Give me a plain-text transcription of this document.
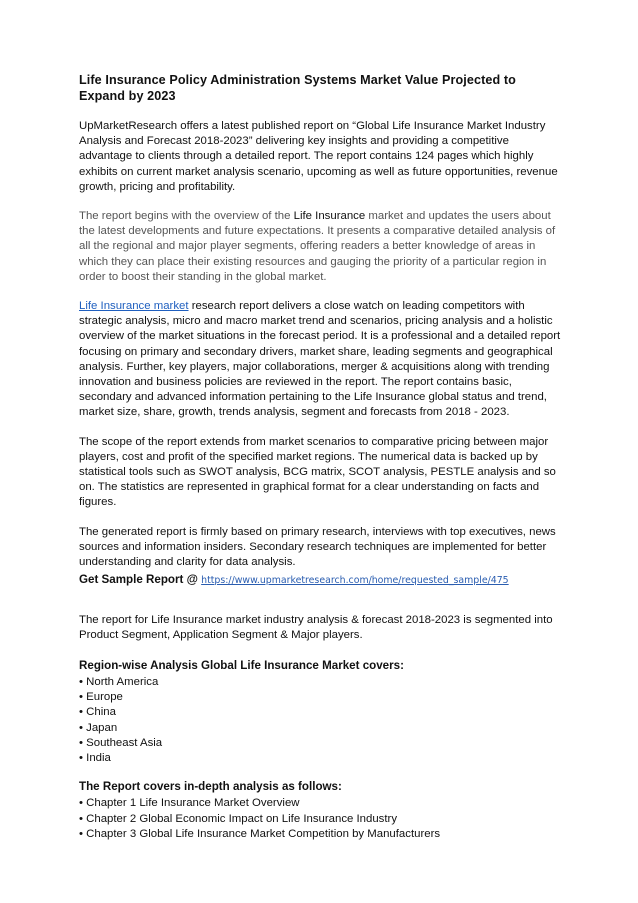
Life Insurance Policy Administration Systems Market Value Projected to Expand by 2023

UpMarketResearch offers a latest published report on “Global Life Insurance Market Industry Analysis and Forecast 2018-2023” delivering key insights and providing a competitive advantage to clients through a detailed report. The report contains 124 pages which highly exhibits on current market analysis scenario, upcoming as well as future opportunities, revenue growth, pricing and profitability.

The report begins with the overview of the Life Insurance market and updates the users about the latest developments and future expectations. It presents a comparative detailed analysis of all the regional and major player segments, offering readers a better knowledge of areas in which they can place their existing resources and gauging the priority of a particular region in order to boost their standing in the global market.

Life Insurance market research report delivers a close watch on leading competitors with strategic analysis, micro and macro market trend and scenarios, pricing analysis and a holistic overview of the market situations in the forecast period. It is a professional and a detailed report focusing on primary and secondary drivers, market share, leading segments and geographical analysis. Further, key players, major collaborations, merger & acquisitions along with trending innovation and business policies are reviewed in the report. The report contains basic, secondary and advanced information pertaining to the Life Insurance global status and trend, market size, share, growth, trends analysis, segment and forecasts from 2018 - 2023.

The scope of the report extends from market scenarios to comparative pricing between major players, cost and profit of the specified market regions. The numerical data is backed up by statistical tools such as SWOT analysis, BCG matrix, SCOT analysis, PESTLE analysis and so on. The statistics are represented in graphical format for a clear understanding on facts and figures.

The generated report is firmly based on primary research, interviews with top executives, news sources and information insiders. Secondary research techniques are implemented for better understanding and clarity for data analysis.

Get Sample Report @ https://www.upmarketresearch.com/home/requested_sample/475

The report for Life Insurance market industry analysis & forecast 2018-2023 is segmented into Product Segment, Application Segment & Major players.

Region-wise Analysis Global Life Insurance Market covers:
• North America
• Europe
• China
• Japan
• Southeast Asia
• India
The Report covers in-depth analysis as follows:
• Chapter 1 Life Insurance Market Overview
• Chapter 2 Global Economic Impact on Life Insurance Industry
• Chapter 3 Global Life Insurance Market Competition by Manufacturers
